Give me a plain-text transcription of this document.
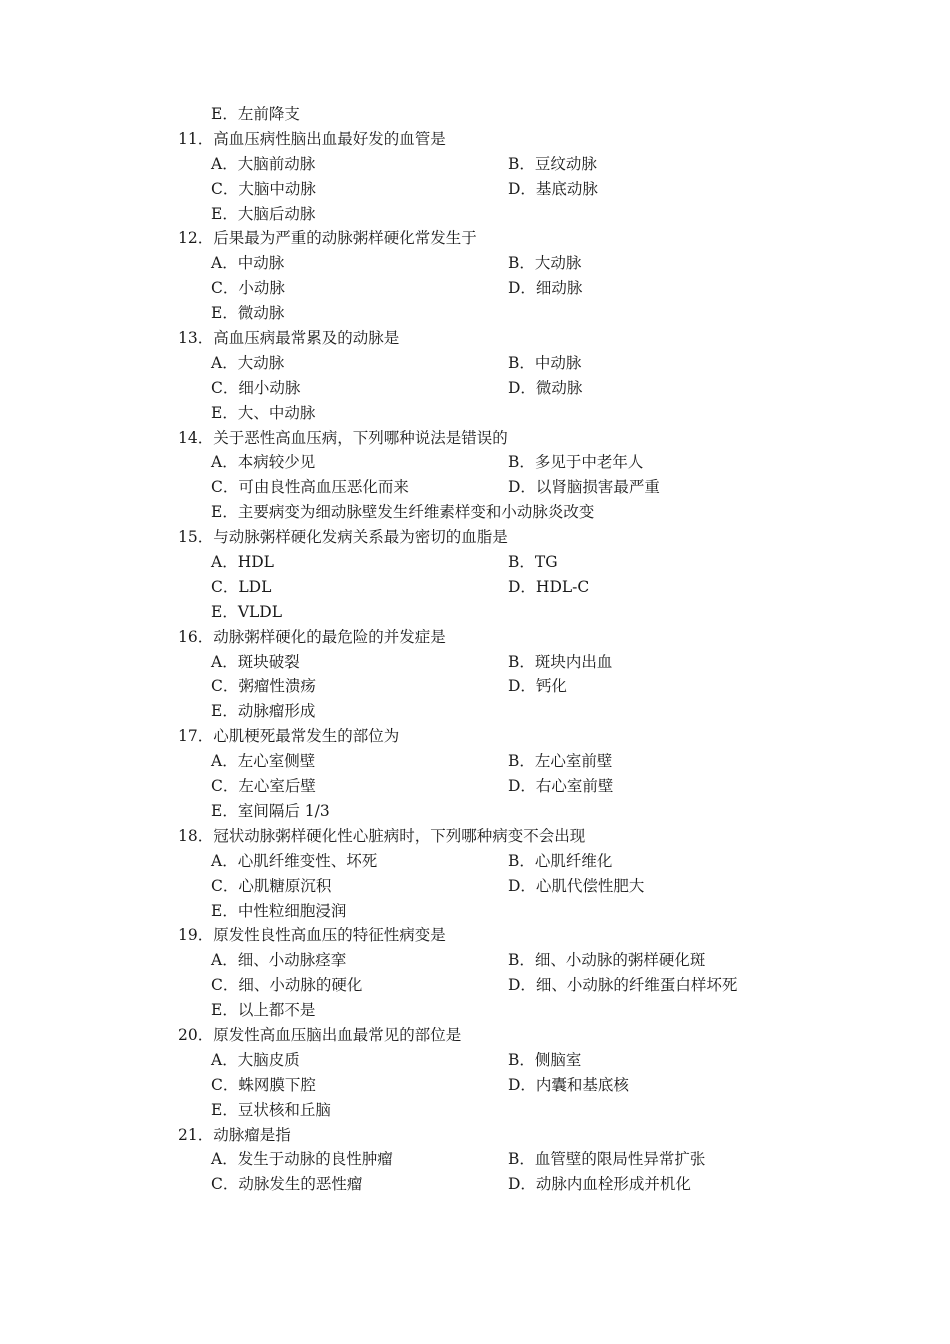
E．左前降支
11．高血压病性脑出血最好发的血管是
A．大脑前动脉	B．豆纹动脉
C．大脑中动脉	D．基底动脉
E．大脑后动脉
12．后果最为严重的动脉粥样硬化常发生于
A．中动脉	B．大动脉
C．小动脉	D．细动脉
E．微动脉
13．高血压病最常累及的动脉是
A．大动脉	B．中动脉
C．细小动脉	D．微动脉
E．大、中动脉
14．关于恶性高血压病，下列哪种说法是错误的
A．本病较少见	B．多见于中老年人
C．可由良性高血压恶化而来	D．以肾脑损害最严重
E．主要病变为细动脉壁发生纤维素样变和小动脉炎改变
15．与动脉粥样硬化发病关系最为密切的血脂是
A．HDL	B．TG
C．LDL	D．HDL-C
E．VLDL
16．动脉粥样硬化的最危险的并发症是
A．斑块破裂	B．斑块内出血
C．粥瘤性溃疡	D．钙化
E．动脉瘤形成
17．心肌梗死最常发生的部位为
A．左心室侧壁	B．左心室前壁
C．左心室后壁	D．右心室前壁
E．室间隔后 1/3
18．冠状动脉粥样硬化性心脏病时，下列哪种病变不会出现
A．心肌纤维变性、坏死	B．心肌纤维化
C．心肌糖原沉积	D．心肌代偿性肥大
E．中性粒细胞浸润
19．原发性良性高血压的特征性病变是
A．细、小动脉痉挛	B．细、小动脉的粥样硬化斑
C．细、小动脉的硬化	D．细、小动脉的纤维蛋白样坏死
E．以上都不是
20．原发性高血压脑出血最常见的部位是
A．大脑皮质	B．侧脑室
C．蛛网膜下腔	D．内囊和基底核
E．豆状核和丘脑
21．动脉瘤是指
A．发生于动脉的良性肿瘤	B．血管壁的限局性异常扩张
C．动脉发生的恶性瘤	D．动脉内血栓形成并机化
